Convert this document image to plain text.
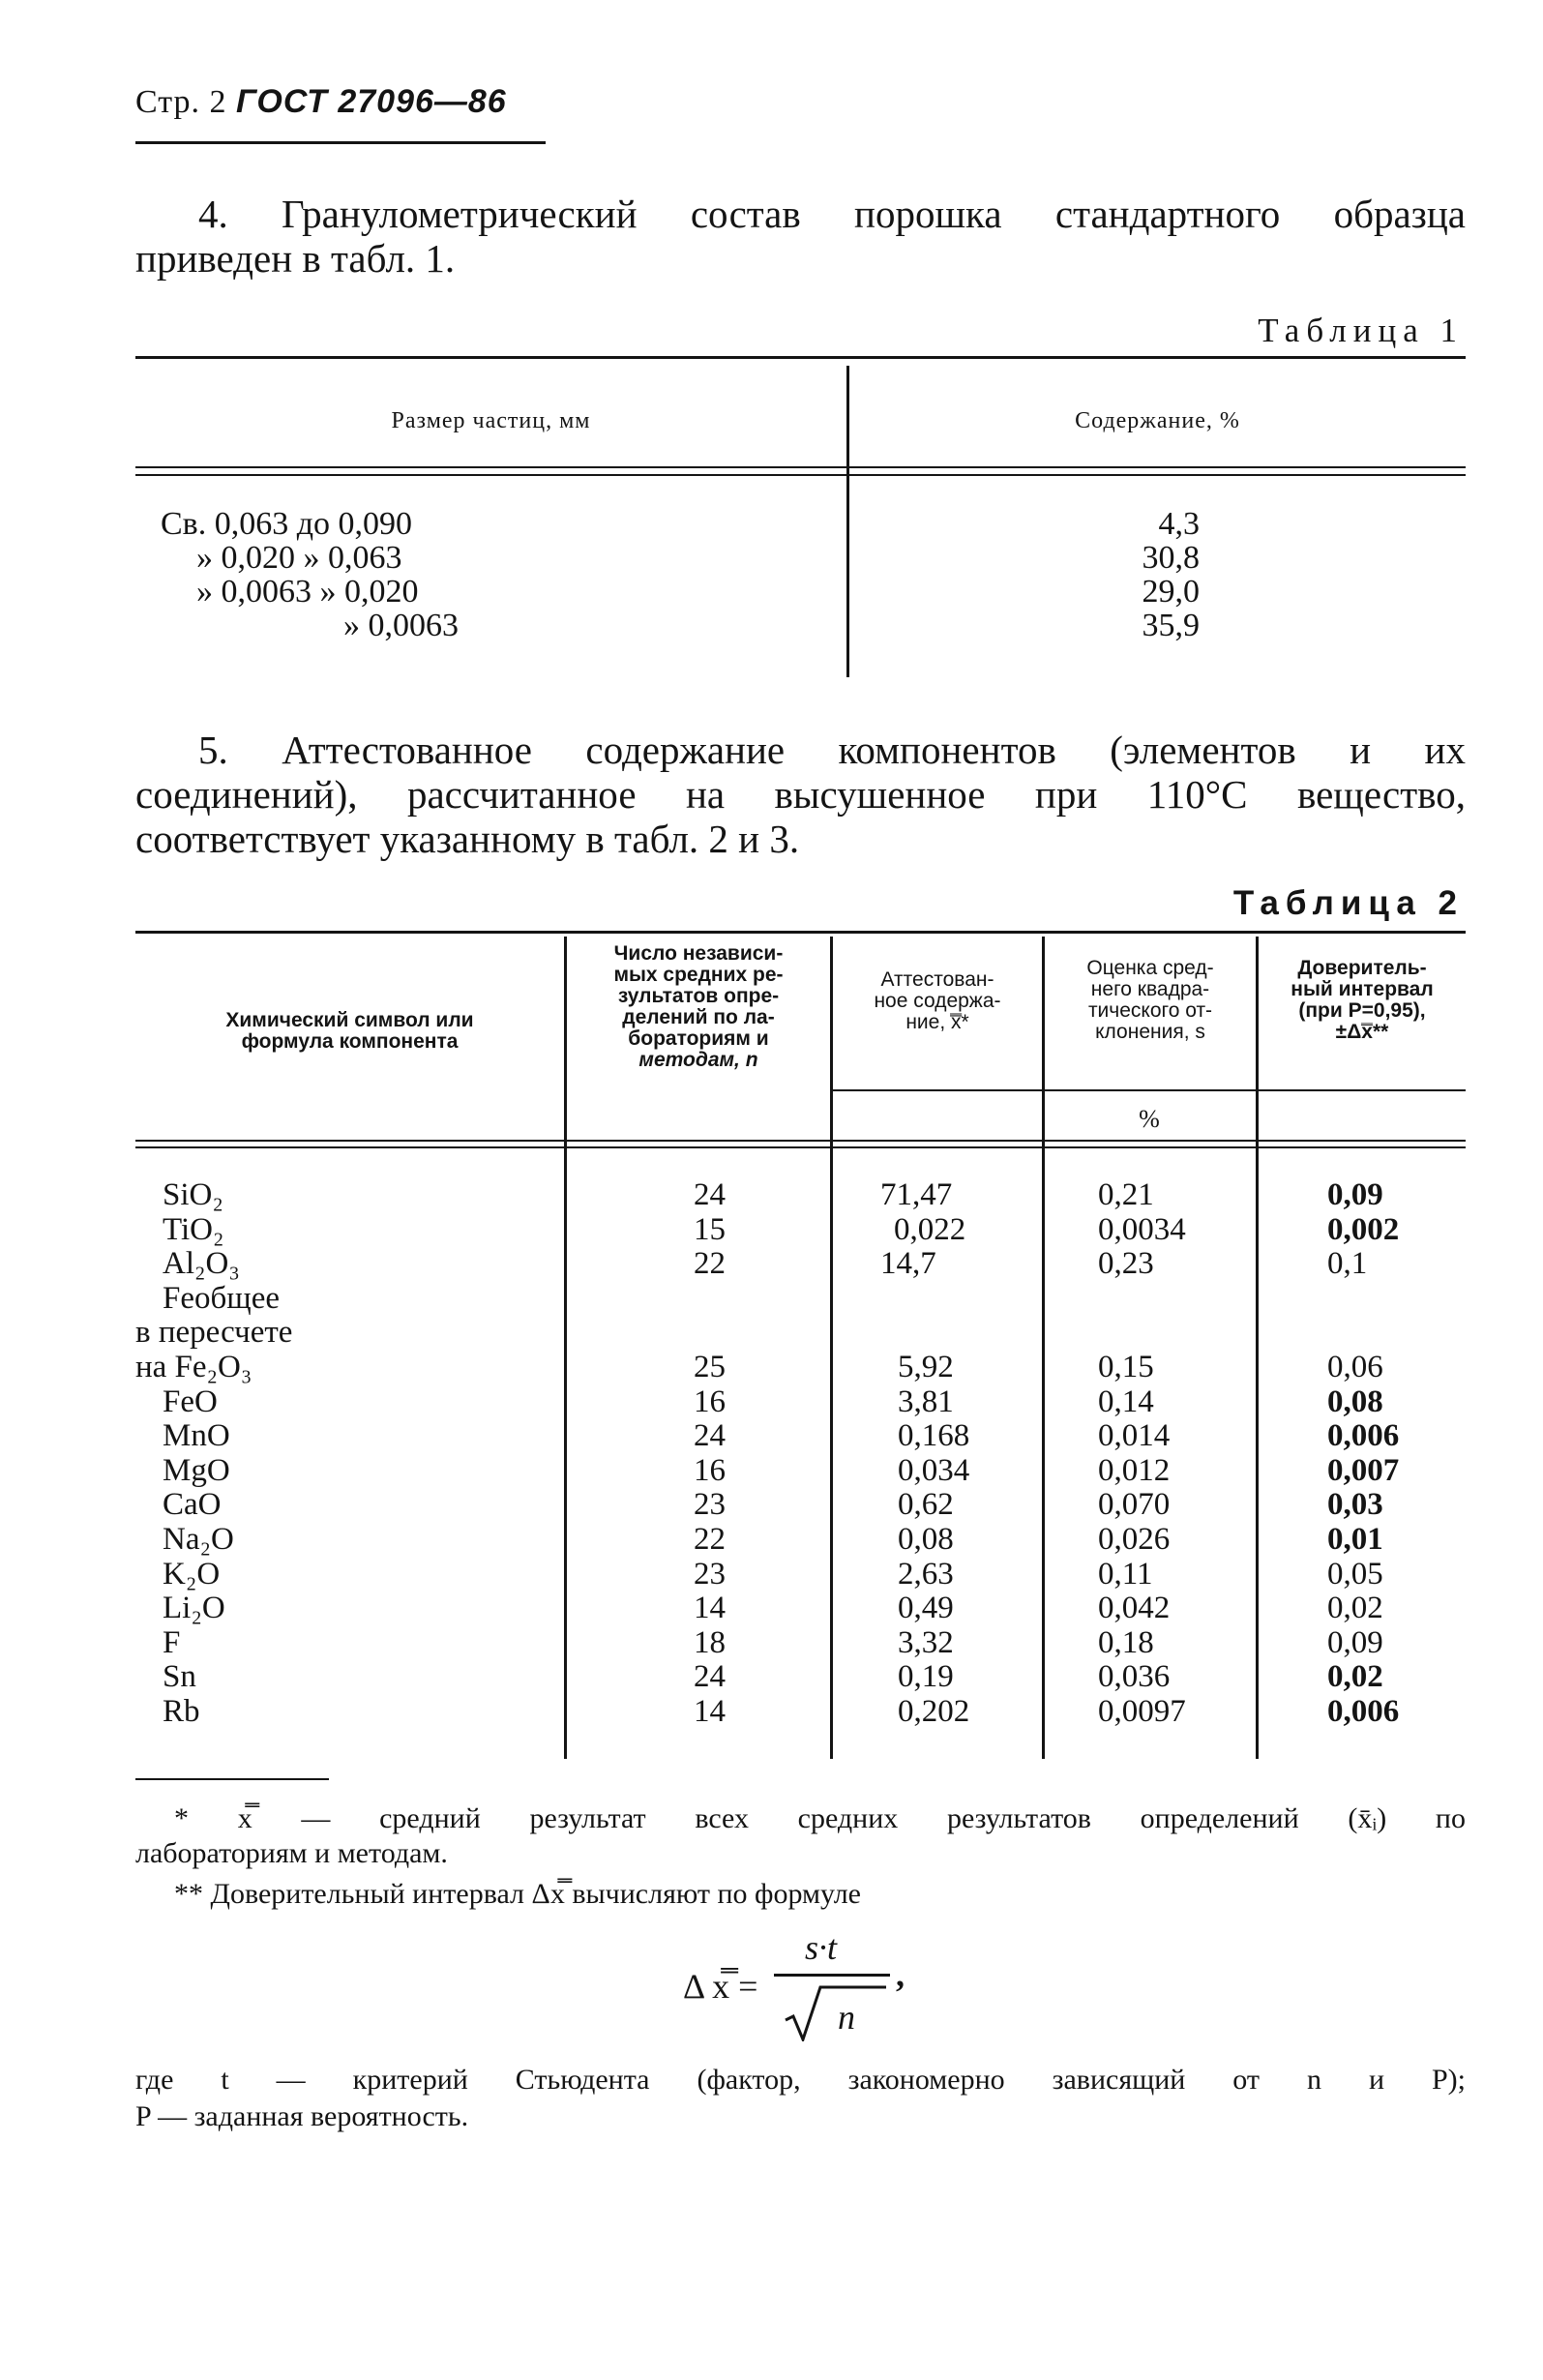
Стр. 2 ГОСТ 27096—86
4. Гранулометрический состав порошка стандартного образца
приведен в табл. 1.
Таблица 1
Размер частиц, мм	Содержание, %
Св. 0,063 до 0,090
» 0,020 » 0,063
» 0,0063 » 0,020
» 0,0063
4,3
30,8
29,0
35,9
5. Аттестованное содержание компонентов (элементов и их
соединений), рассчитанное на высушенное при 110°С вещество,
соответствует указанному в табл. 2 и 3.
Таблица 2
Химический символ или
формула компонента
Число независи-
мых средних ре-
зультатов опре-
делений по ла-
бораториям и
методам, n
Аттестован-
ное содержа-
ние, x̿*
Оценка сред-
него квадра-
тического от-
клонения, s
Доверитель-
ный интервал
(при P=0,95),
±Δx̿**
%
SiO₂
TiO₂
Al₂O₃
Feобщее
в пересчете
на Fe₂O₃
FeO
MnO
MgO
CaO
Na₂O
K₂O
Li₂O
F
Sn
Rb
24
15
22
25
16
24
16
23
22
23
14
18
24
14
71,47
0,022
14,7
5,92
3,81
0,168
0,034
0,62
0,08
2,63
0,49
3,32
0,19
0,202
0,21
0,0034
0,23
0,15
0,14
0,014
0,012
0,070
0,026
0,11
0,042
0,18
0,036
0,0097
0,09
0,002
0,1
0,06
0,08
0,006
0,007
0,03
0,01
0,05
0,02
0,09
0,02
0,006
* x̿ — средний результат всех средних результатов определений (x̄ᵢ) по
лабораториям и методам.
** Доверительный интервал Δx̿ вычисляют по формуле
Δ x̿ =
s·t
,
n
где t — критерий Стьюдента (фактор, закономерно зависящий от n и P);
P — заданная вероятность.
